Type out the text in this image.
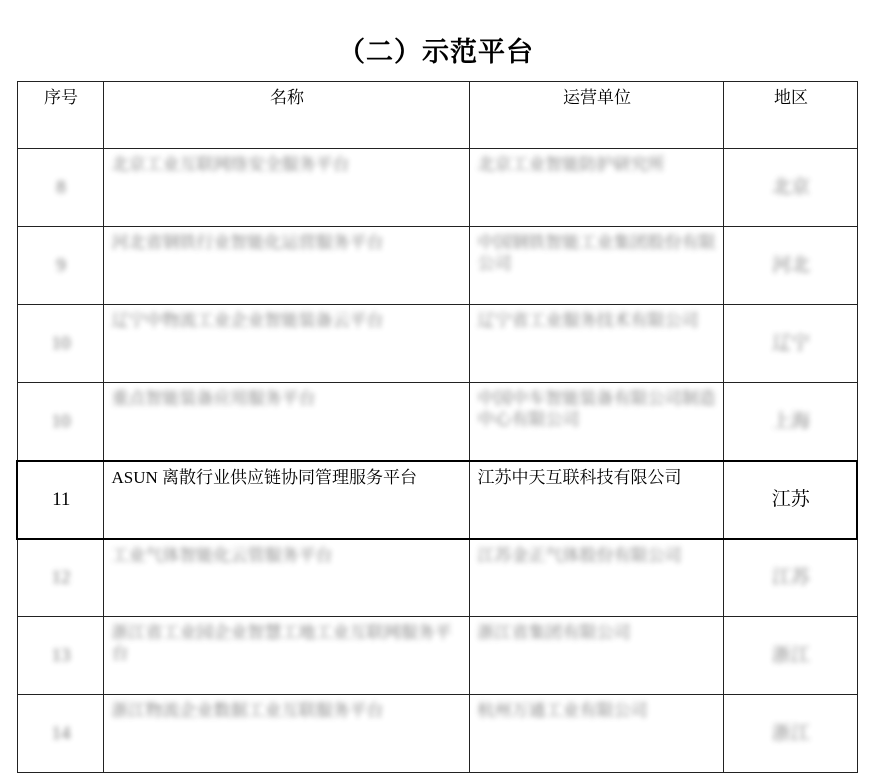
（二）示范平台
序号	名称	运营单位	地区
8	北京工业互联网络安全服务平台	北京工业智能防护研究所	北京
9	河北省钢铁行业智能化运营服务平台	中国钢铁智能工业集团股份有限公司	河北
10	辽宁中物流工业企业智能装备云平台	辽宁省工业服务技术有限公司	辽宁
10	重点智能装备应用服务平台	中国中车智能装备有限公司制造中心有限公司	上海
11	ASUN 离散行业供应链协同管理服务平台	江苏中天互联科技有限公司	江苏
12	工业气体智能化云管服务平台	江苏金正气体股份有限公司	江苏
13	浙江省工业园企业智慧工地工业互联网服务平台	浙江省集团有限公司	浙江
14	浙江物流企业数据工业互联服务平台	杭州万通工业有限公司	浙江
